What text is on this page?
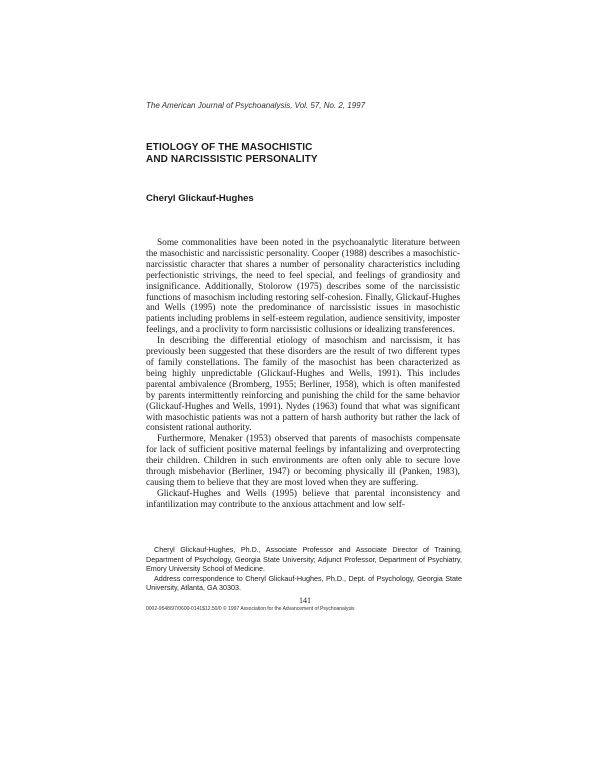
The American Journal of Psychoanalysis, Vol. 57, No. 2, 1997
ETIOLOGY OF THE MASOCHISTIC
AND NARCISSISTIC PERSONALITY
Cheryl Glickauf-Hughes

Some commonalities have been noted in the psychoanalytic literature between the masochistic and narcissistic personality. Cooper (1988) describes a masochistic-narcissistic character that shares a number of personality characteristics including perfectionistic strivings, the need to feel special, and feelings of grandiosity and insignificance. Additionally, Stolorow (1975) describes some of the narcissistic functions of masochism including restoring self-cohesion. Finally, Glickauf-Hughes and Wells (1995) note the predominance of narcissistic issues in masochistic patients including problems in self-esteem regulation, audience sensitivity, imposter feelings, and a proclivity to form narcissistic collusions or idealizing transferences.

In describing the differential etiology of masochism and narcissism, it has previously been suggested that these disorders are the result of two different types of family constellations. The family of the masochist has been characterized as being highly unpredictable (Glickauf-Hughes and Wells, 1991). This includes parental ambivalence (Bromberg, 1955; Berliner, 1958), which is often manifested by parents intermittently reinforcing and punishing the child for the same behavior (Glickauf-Hughes and Wells, 1991). Nydes (1963) found that what was significant with masochistic patients was not a pattern of harsh authority but rather the lack of consistent rational authority.

Furthermore, Menaker (1953) observed that parents of masochists compensate for lack of sufficient positive maternal feelings by infantalizing and overprotecting their children. Children in such environments are often only able to secure love through misbehavior (Berliner, 1947) or becoming physically ill (Panken, 1983), causing them to believe that they are most loved when they are suffering.

Glickauf-Hughes and Wells (1995) believe that parental inconsistency and infantilization may contribute to the anxious attachment and low self-

Cheryl Glickauf-Hughes, Ph.D., Associate Professor and Associate Director of Training, Department of Psychology, Georgia State University; Adjunct Professor, Department of Psychiatry, Emory University School of Medicine.

Address correspondence to Cheryl Glickauf-Hughes, Ph.D., Dept. of Psychology, Georgia State University, Atlanta, GA 30303.

141
0002-9548/97/0600-0141$12.50/0 © 1997 Association for the Advancement of Psychoanalysis
